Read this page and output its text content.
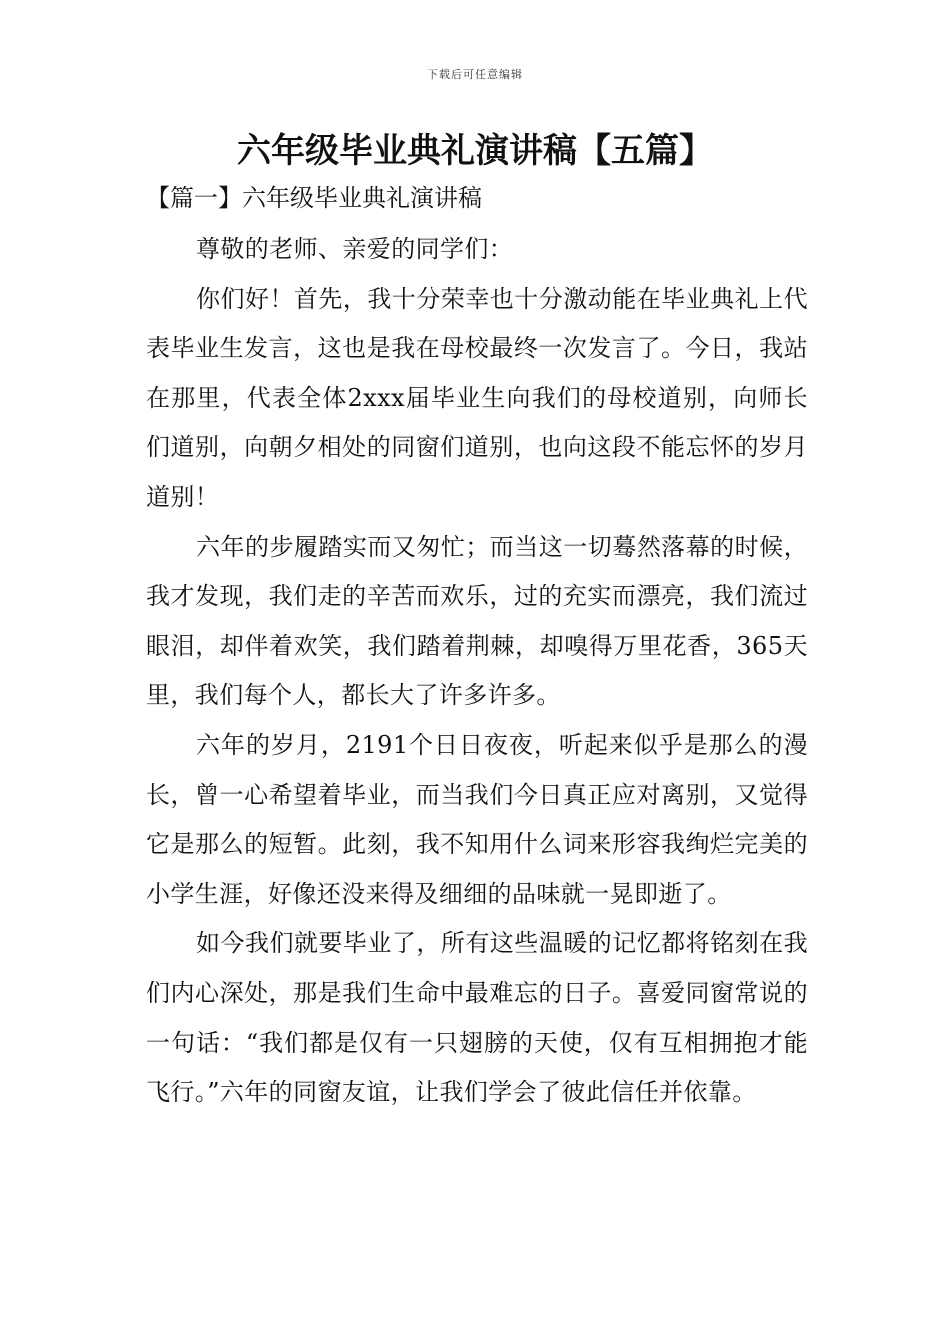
下载后可任意编辑
六年级毕业典礼演讲稿【五篇】
【篇一】六年级毕业典礼演讲稿

尊敬的老师、亲爱的同学们：

你们好！首先，我十分荣幸也十分激动能在毕业典礼上代表毕业生发言，这也是我在母校最终一次发言了。今日，我站在那里，代表全体2xxx届毕业生向我们的母校道别，向师长们道别，向朝夕相处的同窗们道别，也向这段不能忘怀的岁月道别！

六年的步履踏实而又匆忙；而当这一切蓦然落幕的时候，我才发现，我们走的辛苦而欢乐，过的充实而漂亮，我们流过眼泪，却伴着欢笑，我们踏着荆棘，却嗅得万里花香，365天里，我们每个人，都长大了许多许多。

六年的岁月，2191个日日夜夜，听起来似乎是那么的漫长，曾一心希望着毕业，而当我们今日真正应对离别，又觉得它是那么的短暂。此刻，我不知用什么词来形容我绚烂完美的小学生涯，好像还没来得及细细的品味就一晃即逝了。

如今我们就要毕业了，所有这些温暖的记忆都将铭刻在我们内心深处，那是我们生命中最难忘的日子。喜爱同窗常说的一句话：“我们都是仅有一只翅膀的天使，仅有互相拥抱才能飞行。”六年的同窗友谊，让我们学会了彼此信任并依靠。
